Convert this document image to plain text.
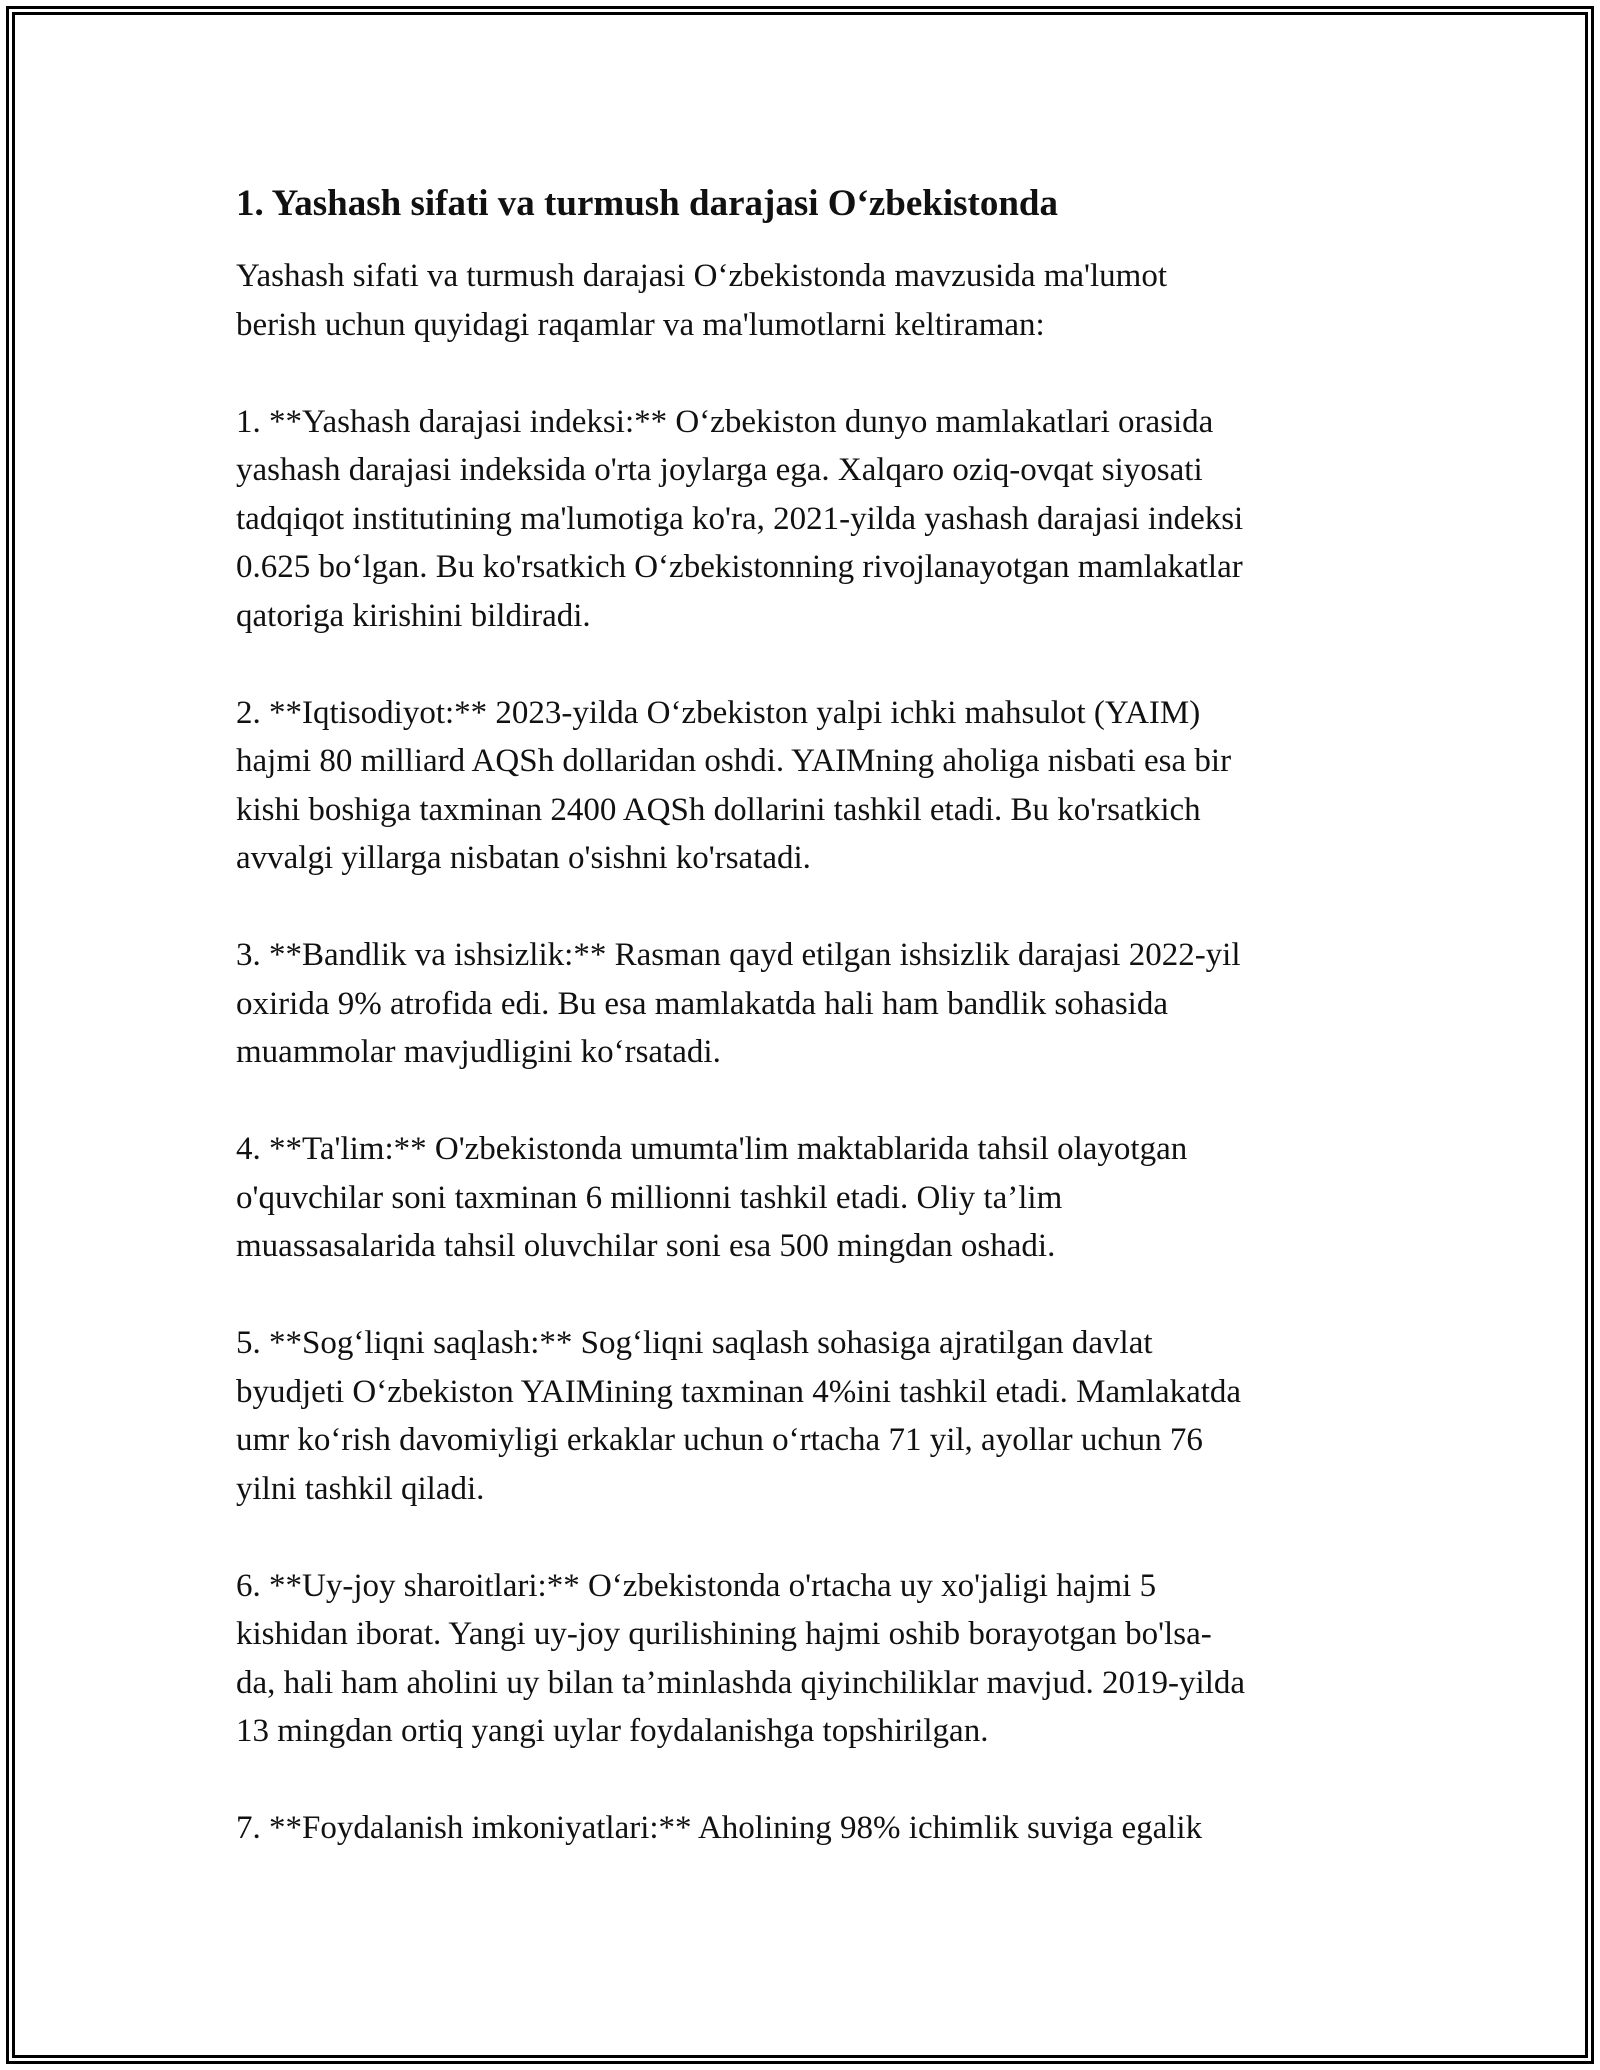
1. Yashash sifati va turmush darajasi O‘zbekistonda

Yashash sifati va turmush darajasi O‘zbekistonda mavzusida ma'lumot
berish uchun quyidagi raqamlar va ma'lumotlarni keltiraman:

1. **Yashash darajasi indeksi:** O‘zbekiston dunyo mamlakatlari orasida
yashash darajasi indeksida o'rta joylarga ega. Xalqaro oziq-ovqat siyosati
tadqiqot institutining ma'lumotiga ko'ra, 2021-yilda yashash darajasi indeksi
0.625 bo‘lgan. Bu ko'rsatkich O‘zbekistonning rivojlanayotgan mamlakatlar
qatoriga kirishini bildiradi.

2. **Iqtisodiyot:** 2023-yilda O‘zbekiston yalpi ichki mahsulot (YAIM)
hajmi 80 milliard AQSh dollaridan oshdi. YAIMning aholiga nisbati esa bir
kishi boshiga taxminan 2400 AQSh dollarini tashkil etadi. Bu ko'rsatkich
avvalgi yillarga nisbatan o'sishni ko'rsatadi.

3. **Bandlik va ishsizlik:** Rasman qayd etilgan ishsizlik darajasi 2022-yil
oxirida 9% atrofida edi. Bu esa mamlakatda hali ham bandlik sohasida
muammolar mavjudligini ko‘rsatadi.

4. **Ta'lim:** O'zbekistonda umumta'lim maktablarida tahsil olayotgan
o'quvchilar soni taxminan 6 millionni tashkil etadi. Oliy ta’lim
muassasalarida tahsil oluvchilar soni esa 500 mingdan oshadi.

5. **Sog‘liqni saqlash:** Sog‘liqni saqlash sohasiga ajratilgan davlat
byudjeti O‘zbekiston YAIMining taxminan 4%ini tashkil etadi. Mamlakatda
umr ko‘rish davomiyligi erkaklar uchun o‘rtacha 71 yil, ayollar uchun 76
yilni tashkil qiladi.

6. **Uy-joy sharoitlari:** O‘zbekistonda o'rtacha uy xo'jaligi hajmi 5
kishidan iborat. Yangi uy-joy qurilishining hajmi oshib borayotgan bo'lsa-
da, hali ham aholini uy bilan ta’minlashda qiyinchiliklar mavjud. 2019-yilda
13 mingdan ortiq yangi uylar foydalanishga topshirilgan.

7. **Foydalanish imkoniyatlari:** Aholining 98% ichimlik suviga egalik
